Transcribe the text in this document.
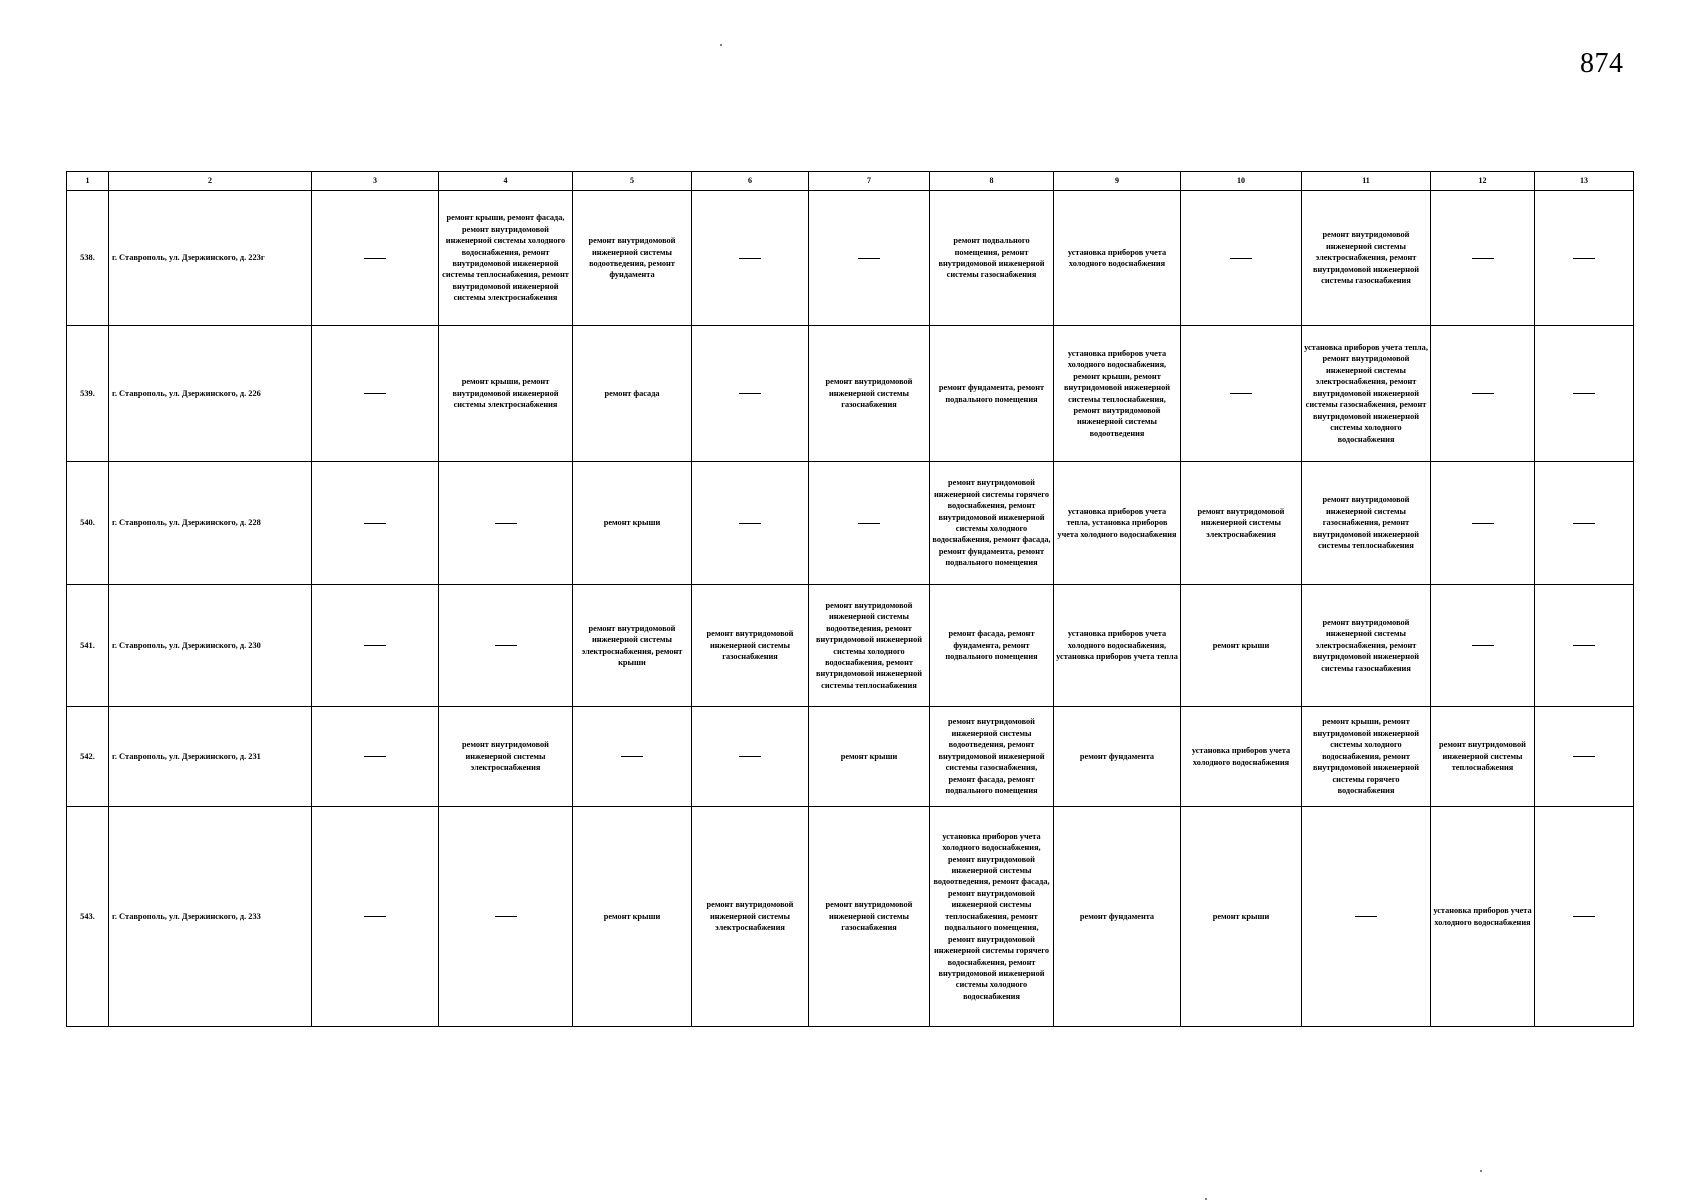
874
1	2	3	4	5	6	7	8	9	10	11	12	13
538.	г. Ставрополь, ул. Дзержинского, д. 223г		ремонт крыши, ремонт фасада, ремонт внутридомовой инженерной системы холодного водоснабжения, ремонт внутридомовой инженерной системы теплоснабжения, ремонт внутридомовой инженерной системы электроснабжения	ремонт внутридомовой инженерной системы водоотведения, ремонт фундамента			ремонт подвального помещения, ремонт внутридомовой инженерной системы газоснабжения	установка приборов учета холодного водоснабжения		ремонт внутридомовой инженерной системы электроснабжения, ремонт внутридомовой инженерной системы газоснабжения		
539.	г. Ставрополь, ул. Дзержинского, д. 226		ремонт крыши, ремонт внутридомовой инженерной системы электроснабжения	ремонт фасада		ремонт внутридомовой инженерной системы газоснабжения	ремонт фундамента, ремонт подвального помещения	установка приборов учета холодного водоснабжения, ремонт крыши, ремонт внутридомовой инженерной системы теплоснабжения, ремонт внутридомовой инженерной системы водоотведения		установка приборов учета тепла, ремонт внутридомовой инженерной системы электроснабжения, ремонт внутридомовой инженерной системы газоснабжения, ремонт внутридомовой инженерной системы холодного водоснабжения		
540.	г. Ставрополь, ул. Дзержинского, д. 228			ремонт крыши			ремонт внутридомовой инженерной системы горячего водоснабжения, ремонт внутридомовой инженерной системы холодного водоснабжения, ремонт фасада, ремонт фундамента, ремонт подвального помещения	установка приборов учета тепла, установка приборов учета холодного водоснабжения	ремонт внутридомовой инженерной системы электроснабжения	ремонт внутридомовой инженерной системы газоснабжения, ремонт внутридомовой инженерной системы теплоснабжения		
541.	г. Ставрополь, ул. Дзержинского, д. 230			ремонт внутридомовой инженерной системы электроснабжения, ремонт крыши	ремонт внутридомовой инженерной системы газоснабжения	ремонт внутридомовой инженерной системы водоотведения, ремонт внутридомовой инженерной системы холодного водоснабжения, ремонт внутридомовой инженерной системы теплоснабжения	ремонт фасада, ремонт фундамента, ремонт подвального помещения	установка приборов учета холодного водоснабжения, установка приборов учета тепла	ремонт крыши	ремонт внутридомовой инженерной системы электроснабжения, ремонт внутридомовой инженерной системы газоснабжения		
542.	г. Ставрополь, ул. Дзержинского, д. 231		ремонт внутридомовой инженерной системы электроснабжения			ремонт крыши	ремонт внутридомовой инженерной системы водоотведения, ремонт внутридомовой инженерной системы газоснабжения, ремонт фасада, ремонт подвального помещения	ремонт фундамента	установка приборов учета холодного водоснабжения	ремонт крыши, ремонт внутридомовой инженерной системы холодного водоснабжения, ремонт внутридомовой инженерной системы горячего водоснабжения	ремонт внутридомовой инженерной системы теплоснабжения	
543.	г. Ставрополь, ул. Дзержинского, д. 233			ремонт крыши	ремонт внутридомовой инженерной системы электроснабжения	ремонт внутридомовой инженерной системы газоснабжения	установка приборов учета холодного водоснабжения, ремонт внутридомовой инженерной системы водоотведения, ремонт фасада, ремонт внутридомовой инженерной системы теплоснабжения, ремонт подвального помещения, ремонт внутридомовой инженерной системы горячего водоснабжения, ремонт внутридомовой инженерной системы холодного водоснабжения	ремонт фундамента	ремонт крыши		установка приборов учета холодного водоснабжения	
